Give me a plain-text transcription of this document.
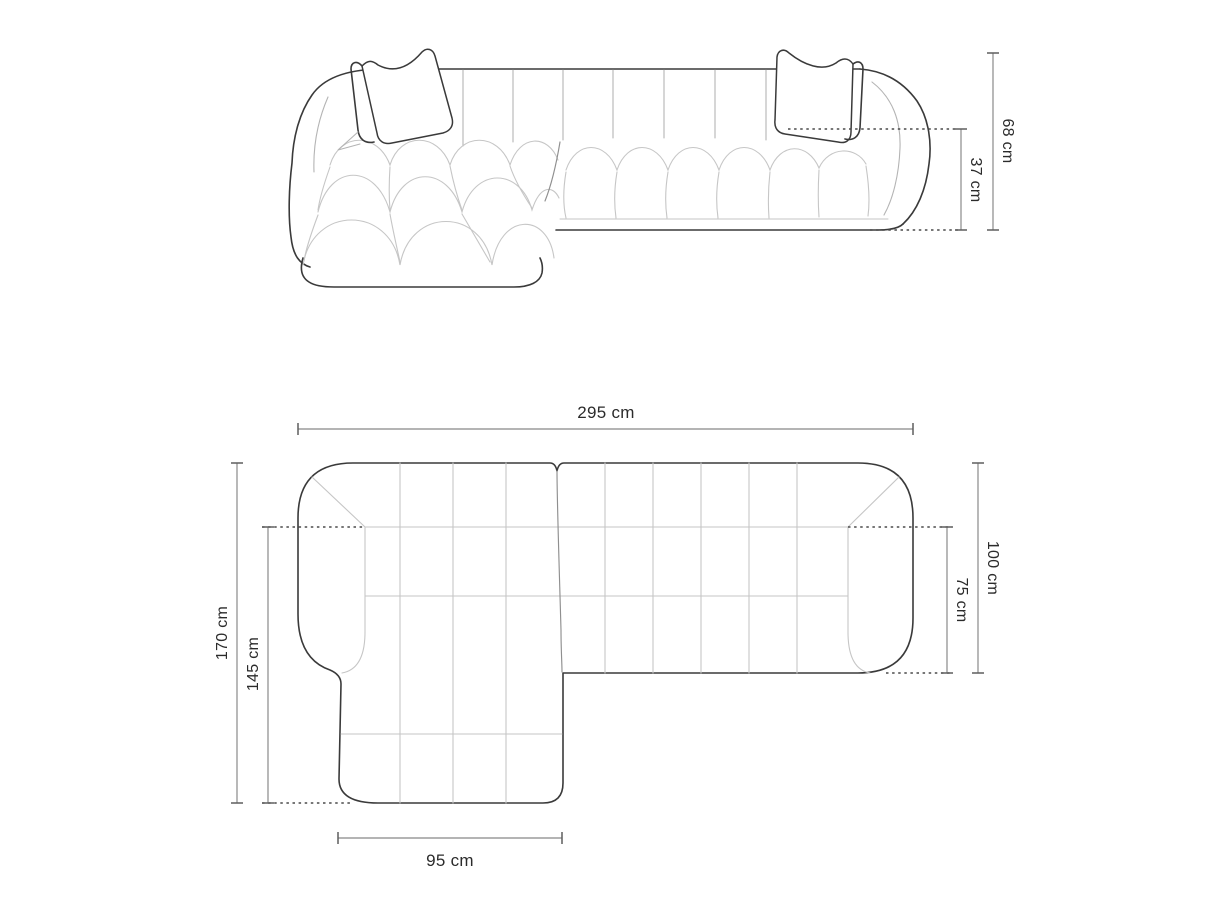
37 cm
68 cm
295 cm
170 cm
145 cm
100 cm
75 cm
95 cm
